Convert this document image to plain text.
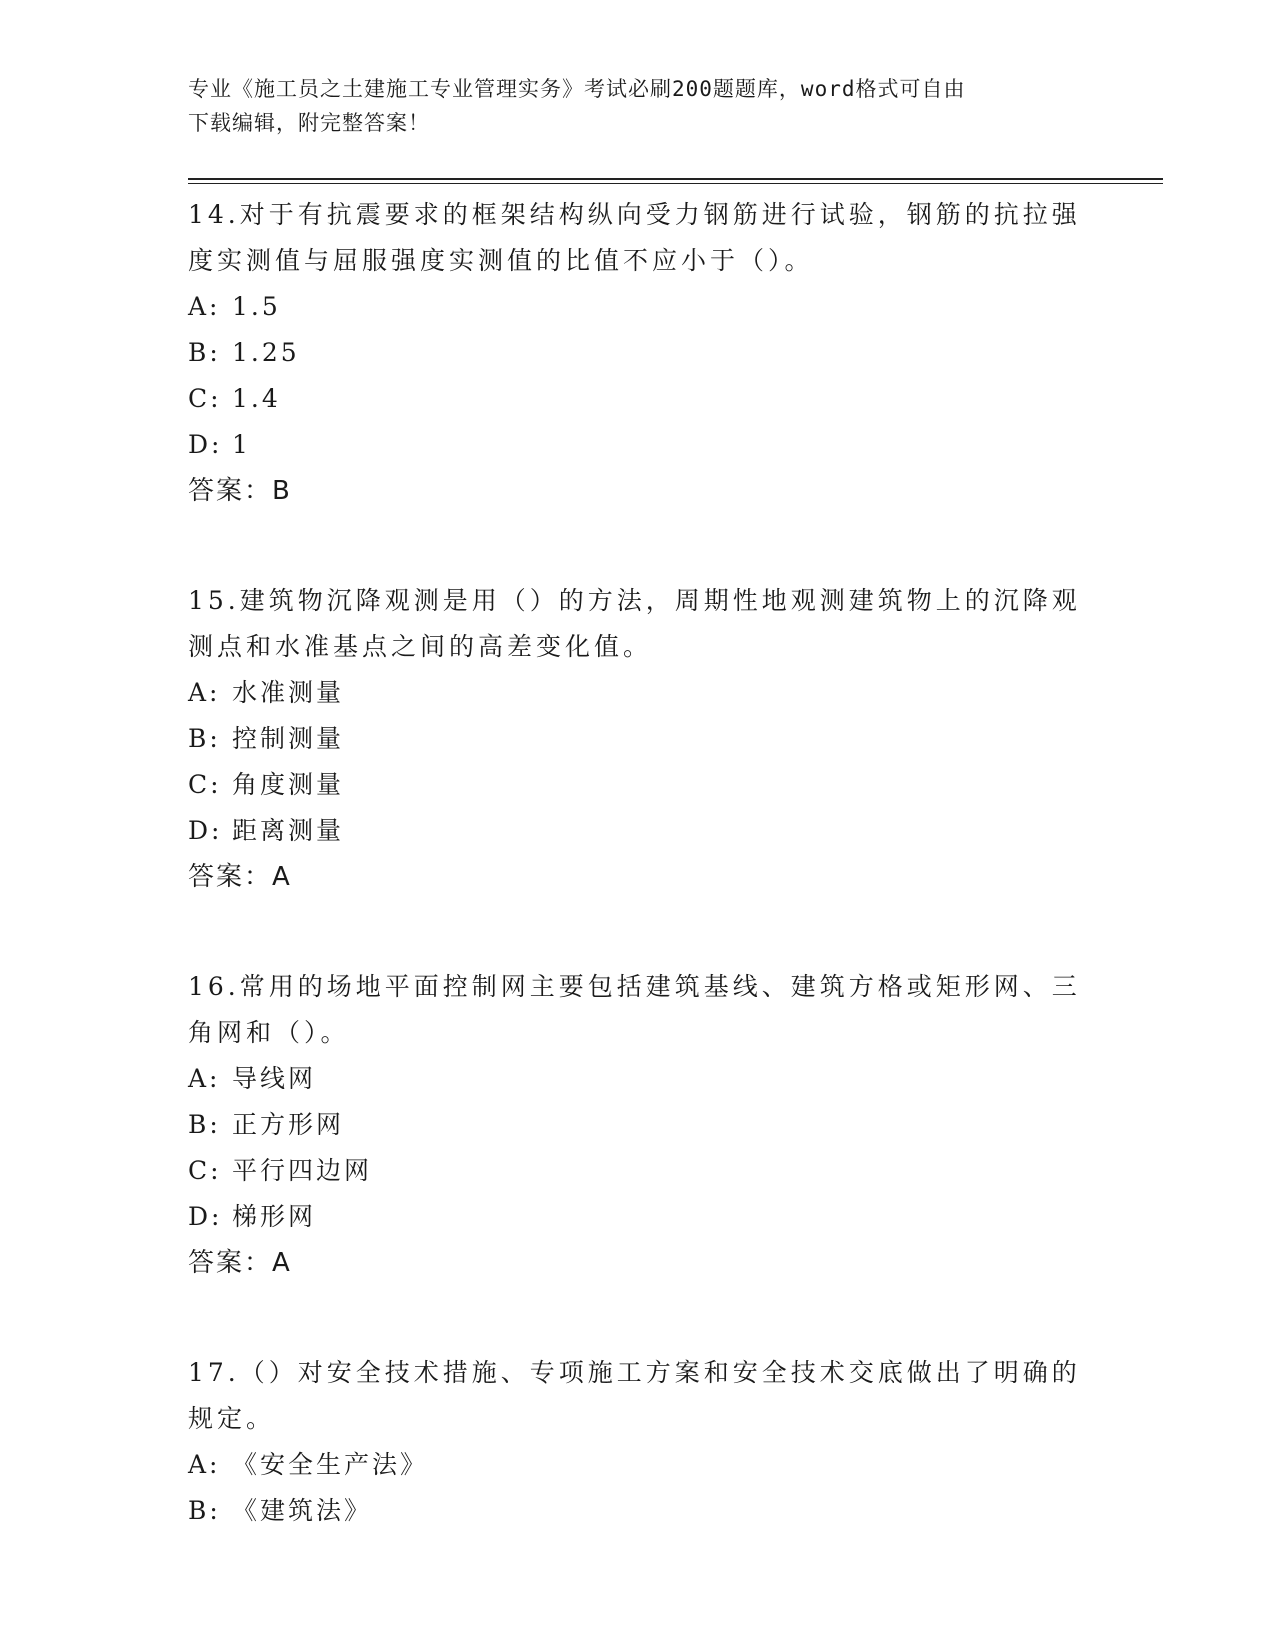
专业《施工员之土建施工专业管理实务》考试必刷200题题库，word格式可自由
下载编辑，附完整答案！

14.对于有抗震要求的框架结构纵向受力钢筋进行试验，钢筋的抗拉强

度实测值与屈服强度实测值的比值不应小于（）。

A: 1.5

B: 1.25

C: 1.4

D: 1

答案：B

15.建筑物沉降观测是用（）的方法，周期性地观测建筑物上的沉降观

测点和水准基点之间的高差变化值。

A: 水准测量

B: 控制测量

C: 角度测量

D: 距离测量

答案：A

16.常用的场地平面控制网主要包括建筑基线、建筑方格或矩形网、三

角网和（）。

A: 导线网

B: 正方形网

C: 平行四边网

D: 梯形网

答案：A

17.（）对安全技术措施、专项施工方案和安全技术交底做出了明确的

规定。

A: 《安全生产法》

B: 《建筑法》
